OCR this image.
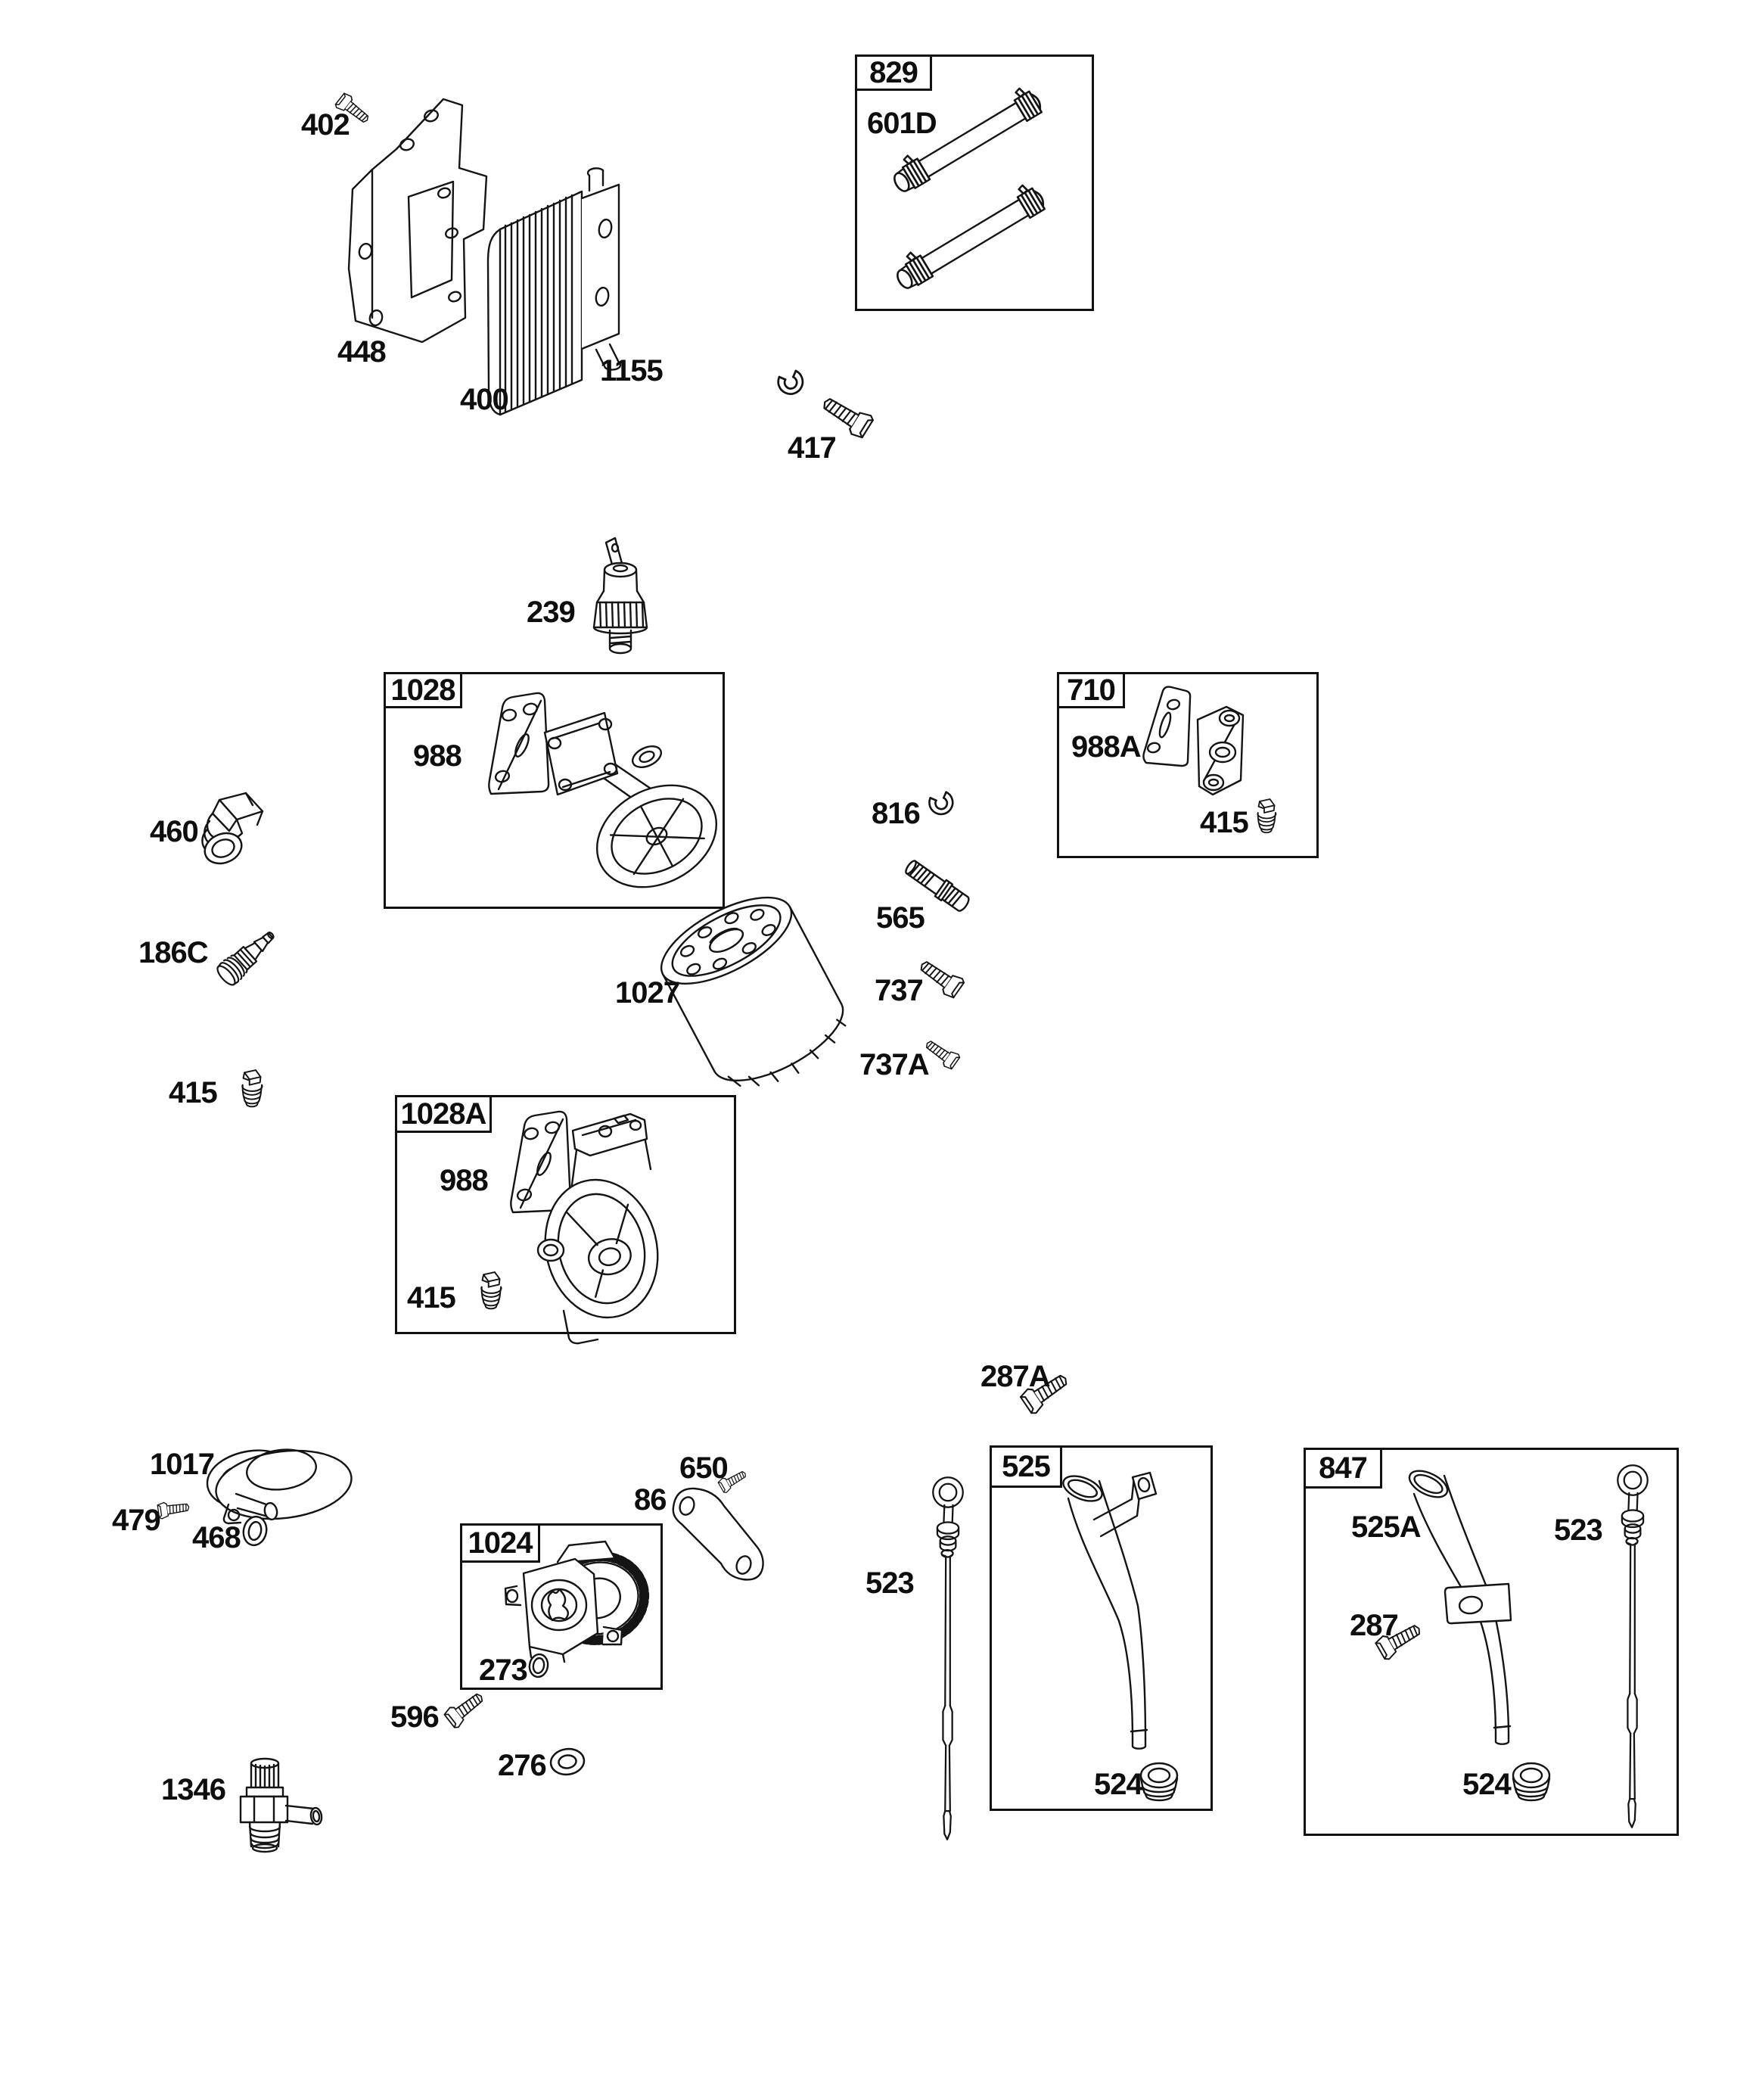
829
1028	710
1028A
1024
525	847
402
448
400
1155
417
601D
239
988
460
186C
415
1027
816
565
737
737A
988A
415
988
415
287A
1017
479
468
650
86
273
596
276
1346
523
524
525A
287
523
524
